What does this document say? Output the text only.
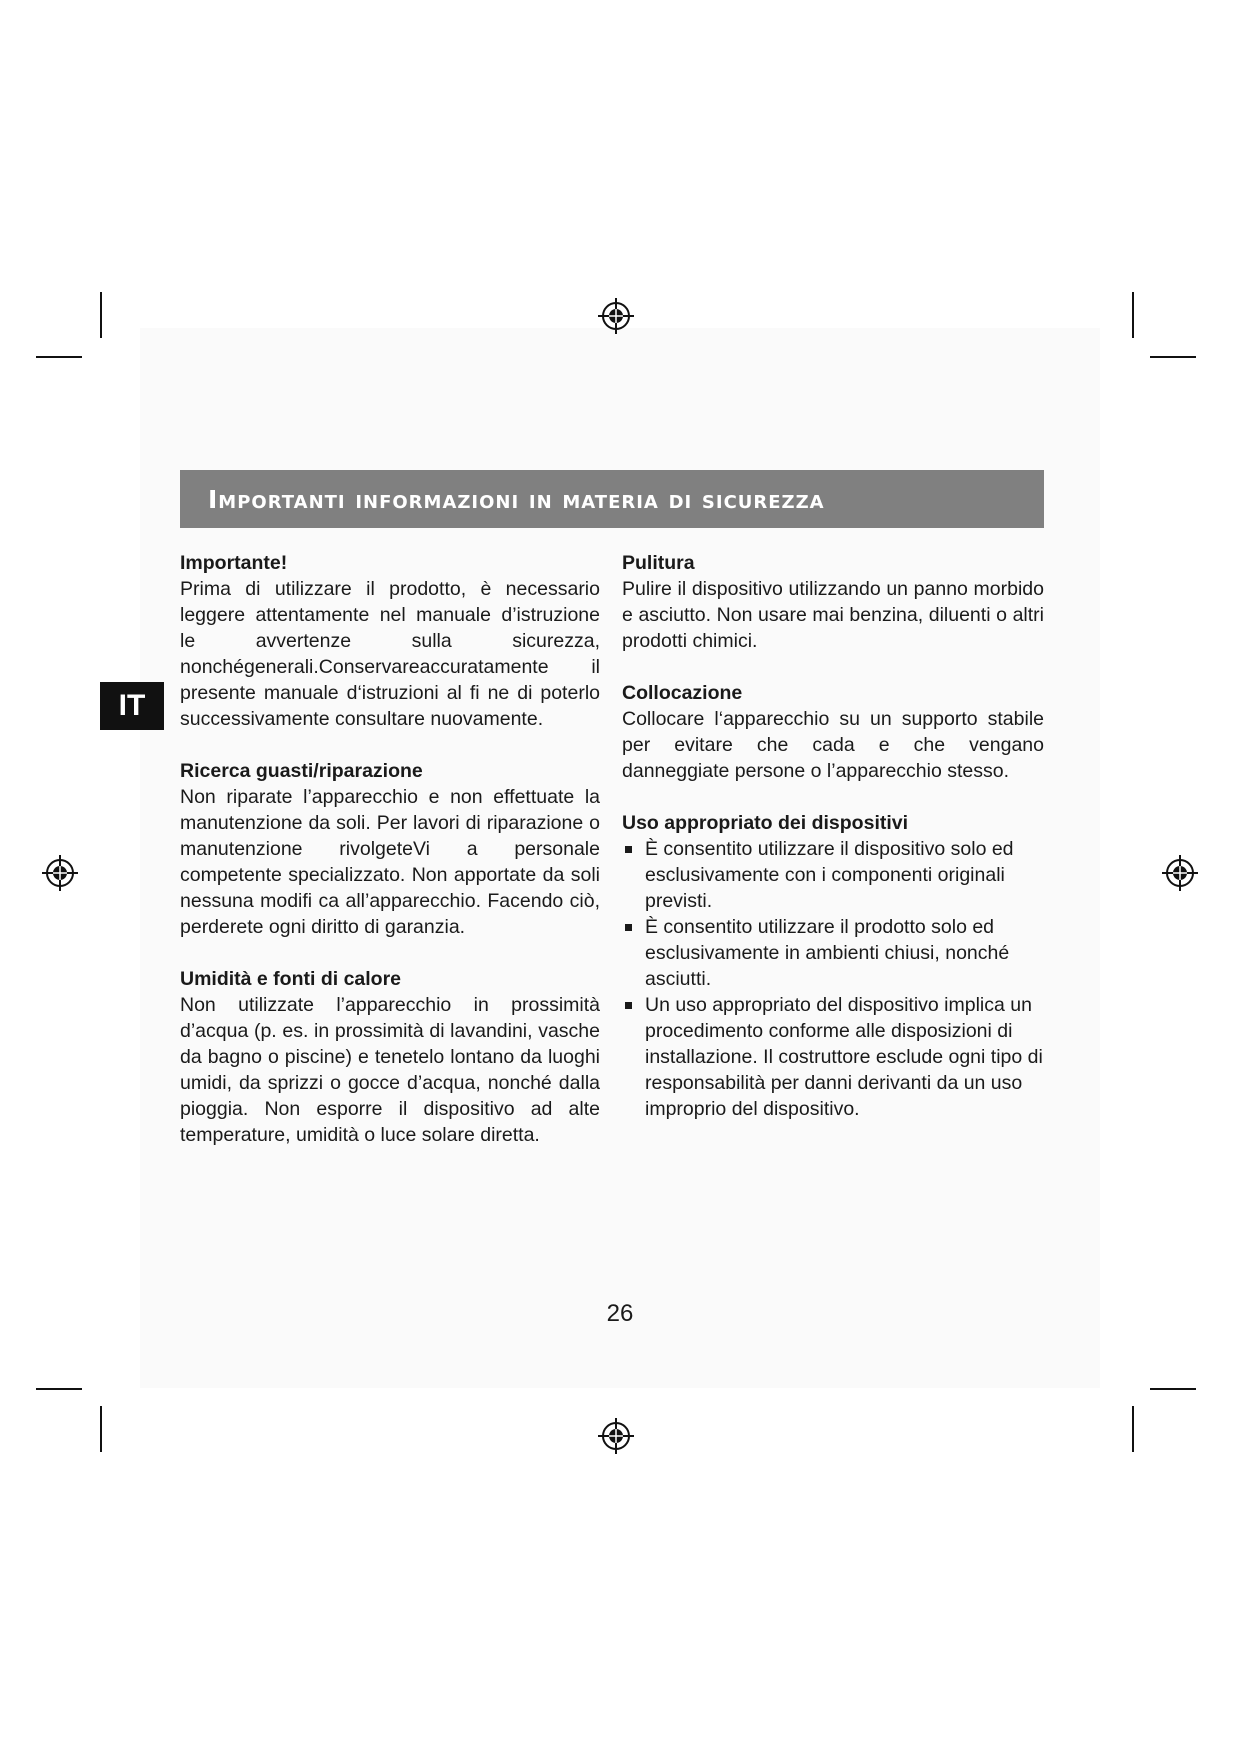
Importanti informazioni in materia di sicurezza
IT
Importante!
Prima di utilizzare il prodotto, è necessario leggere attentamente nel manuale d’istruzione le avvertenze sulla sicurezza, nonchégenerali.Conservareaccuratamente il presente manuale d‘istruzioni al fi ne di poterlo successivamente consultare nuovamente.
Ricerca guasti/riparazione
Non riparate l’apparecchio e non effettuate la manutenzione da soli. Per lavori di riparazione o manutenzione rivolgeteVi a personale competente specializzato. Non apportate da soli nessuna modifi ca all’apparecchio. Facendo ciò, perderete ogni diritto di garanzia.
Umidità e fonti di calore
Non utilizzate l’apparecchio in prossimità d’acqua (p. es. in prossimità di lavandini, vasche da bagno o piscine) e tenetelo lontano da luoghi umidi, da sprizzi o gocce d’acqua, nonché dalla pioggia. Non esporre il dispositivo ad alte temperature, umidità o luce solare diretta.
Pulitura
Pulire il dispositivo utilizzando un panno morbido e asciutto. Non usare mai benzina, diluenti o altri prodotti chimici.
Collocazione
Collocare l‘apparecchio su un supporto stabile per evitare che cada e che vengano danneggiate persone o l’apparecchio stesso.
Uso appropriato dei dispositivi
È consentito utilizzare il dispositivo solo ed esclusivamente con i componenti originali previsti.
È consentito utilizzare il prodotto solo ed esclusivamente in ambienti chiusi, nonché asciutti.
Un uso appropriato del dispositivo implica un procedimento conforme alle disposizioni di installazione. Il costruttore esclude ogni tipo di responsabilità per danni derivanti da un uso improprio del dispositivo.
26
